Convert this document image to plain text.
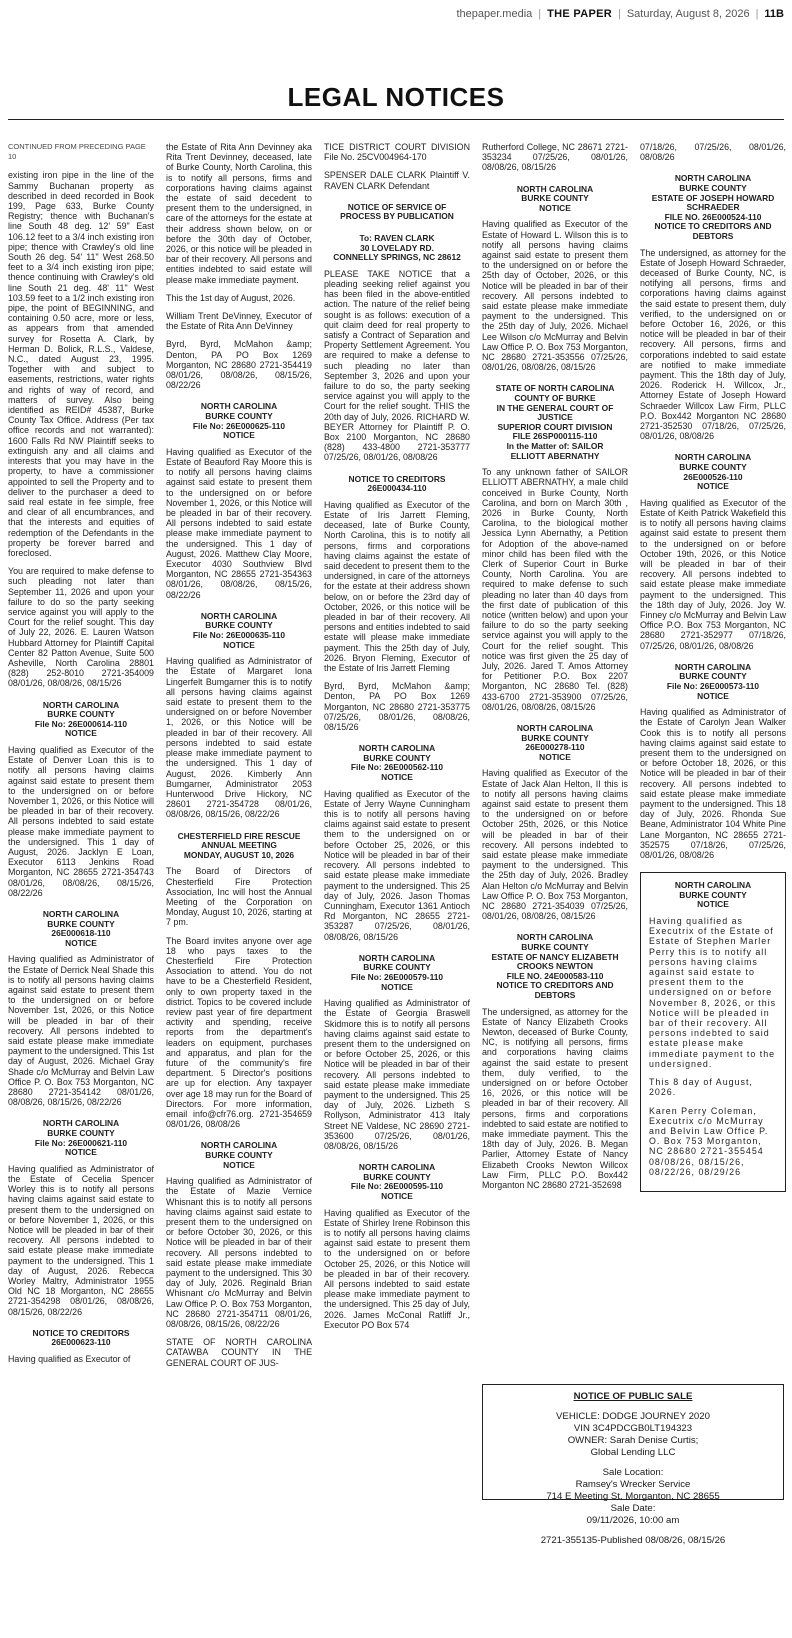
thepaper.media | THE PAPER | Saturday, August 8, 2026 | 11B
LEGAL NOTICES

CONTINUED FROM PRECEDING PAGE 10

existing iron pipe in the line of the Sammy Buchanan property as described in deed recorded in Book 199, Page 633, Burke County Registry; thence with Buchanan's line South 48 deg. 12' 59" East 106.12 feet to a 3/4 inch existing iron pipe; thence with Crawley's old line South 26 deg. 54' 11" West 268.50 feet to a 3/4 inch existing iron pipe; thence continuing with Crawley's old line South 21 deg. 48' 11" West 103.59 feet to a 1/2 inch existing iron pipe, the point of BEGINNING, and containing 0.50 acre, more or less, as appears from that amended survey for Rosetta A. Clark, by Herman D. Bolick, R.L.S., Valdese, N.C., dated August 23, 1995. Together with and subject to easements, restrictions, water rights and rights of way of record, and matters of survey. Also being identified as REID# 45387, Burke County Tax Office. Address (Per tax office records and not warranted): 1600 Falls Rd NW Plaintiff seeks to extinguish any and all claims and interests that you may have in the property, to have a commissioner appointed to sell the Property and to deliver to the purchaser a deed to said real estate in fee simple, free and clear of all encumbrances, and that the interests and equities of redemption of the Defendants in the property be forever barred and foreclosed.

You are required to make defense to such pleading not later than September 11, 2026 and upon your failure to do so the party seeking service against you will apply to the Court for the relief sought. This day of July 22, 2026. E. Lauren Watson Hubbard Attorney for Plaintiff Capital Center 82 Patton Avenue, Suite 500 Asheville, North Carolina 28801 (828) 252-8010 2721-354009 08/01/26, 08/08/26, 08/15/26

NORTH CAROLINA
BURKE COUNTY
File No: 26E000614-110
NOTICE

Having qualified as Executor of the Estate of Denver Loan this is to notify all persons having claims against said estate to present them to the undersigned on or before November 1, 2026, or this Notice will be pleaded in bar of their recovery. All persons indebted to said estate please make immediate payment to the undersigned. This 1 day of August, 2026. Jacklyn E Loan, Executor 6113 Jenkins Road Morganton, NC 28655 2721-354743 08/01/26, 08/08/26, 08/15/26, 08/22/26

NORTH CAROLINA
BURKE COUNTY
26E000618-110
NOTICE

Having qualified as Administrator of the Estate of Derrick Neal Shade this is to notify all persons having claims against said estate to present them to the undersigned on or before November 1st, 2026, or this Notice will be pleaded in bar of their recovery. All persons indebted to said estate please make immediate payment to the undersigned. This 1st day of August, 2026. Michael Gray Shade c/o McMurray and Belvin Law Office P. O. Box 753 Morganton, NC 28680 2721-354142 08/01/26, 08/08/26, 08/15/26, 08/22/26

NORTH CAROLINA
BURKE COUNTY
File No: 26E000621-110
NOTICE

Having qualified as Administrator of the Estate of Cecelia Spencer Worley this is to notify all persons having claims against said estate to present them to the undersigned on or before November 1, 2026, or this Notice will be pleaded in bar of their recovery. All persons indebted to said estate please make immediate payment to the undersigned. This 1 day of August, 2026. Rebecca Worley Maltry, Administrator 1955 Old NC 18 Morganton, NC 28655 2721-354298 08/01/26, 08/08/26, 08/15/26, 08/22/26

NOTICE TO CREDITORS
26E000623-110

Having qualified as Executor of

the Estate of Rita Ann Devinney aka Rita Trent Devinney, deceased, late of Burke County, North Carolina, this is to notify all persons, firms and corporations having claims against the estate of said decedent to present them to the undersigned, in care of the attorneys for the estate at their address shown below, on or before the 30th day of October, 2026, or this notice will be pleaded in bar of their recovery. All persons and entities indebted to said estate will please make immediate payment.

This the 1st day of August, 2026.

William Trent DeVinney, Executor of the Estate of Rita Ann DeVinney

Byrd, Byrd, McMahon &amp; Denton, PA PO Box 1269 Morganton, NC 28680 2721-354419 08/01/26, 08/08/26, 08/15/26, 08/22/26

NORTH CAROLINA
BURKE COUNTY
File No: 26E000625-110
NOTICE

Having qualified as Executor of the Estate of Beauford Ray Moore this is to notify all persons having claims against said estate to present them to the undersigned on or before November 1, 2026, or this Notice will be pleaded in bar of their recovery. All persons indebted to said estate please make immediate payment to the undersigned. This 1 day of August, 2026. Matthew Clay Moore, Executor 4030 Southview Blvd Morganton, NC 28655 2721-354363 08/01/26, 08/08/26, 08/15/26, 08/22/26

NORTH CAROLINA
BURKE COUNTY
File No: 26E000635-110
NOTICE

Having qualified as Administrator of the Estate of Margaret Iona Lingerfelt Bumgarner this is to notify all persons having claims against said estate to present them to the undersigned on or before November 1, 2026, or this Notice will be pleaded in bar of their recovery. All persons indebted to said estate please make immediate payment to the undersigned. This 1 day of August, 2026. Kimberly Ann Bumgarner, Administrator 2053 Hunterwood Drive Hickory, NC 28601 2721-354728 08/01/26, 08/08/26, 08/15/26, 08/22/26

CHESTERFIELD FIRE RESCUE
ANNUAL MEETING
MONDAY, AUGUST 10, 2026

The Board of Directors of Chesterfield Fire Protection Association, Inc will host the Annual Meeting of the Corporation on Monday, August 10, 2026, starting at 7 pm.

The Board invites anyone over age 18 who pays taxes to the Chesterfield Fire Protection Association to attend. You do not have to be a Chesterfield Resident, only to own property taxed in the district. Topics to be covered include review past year of fire department activity and spending, receive reports from the department's leaders on equipment, purchases and apparatus, and plan for the future of the community's fire department. 5 Director's positions are up for election. Any taxpayer over age 18 may run for the Board of Directors. For more information, email info@cfr76.org. 2721-354659 08/01/26, 08/08/26

NORTH CAROLINA
BURKE COUNTY
NOTICE

Having qualified as Administrator of the Estate of Mazie Vernice Whisnant this is to notify all persons having claims against said estate to present them to the undersigned on or before October 30, 2026, or this Notice will be pleaded in bar of their recovery. All persons indebted to said estate please make immediate payment to the undersigned. This 30 day of July, 2026. Reginald Brian Whisnant c/o McMurray and Belvin Law Office P. O. Box 753 Morganton, NC 28680 2721-354711 08/01/26, 08/08/26, 08/15/26, 08/22/26

STATE OF NORTH CAROLINA CATAWBA COUNTY IN THE GENERAL COURT OF JUS-

TICE DISTRICT COURT DIVISION File No. 25CV004964-170

SPENSER DALE CLARK Plaintiff V. RAVEN CLARK Defendant

NOTICE OF SERVICE OF
PROCESS BY PUBLICATION
To: RAVEN CLARK
30 LOVELADY RD.
CONNELLY SPRINGS, NC 28612

PLEASE TAKE NOTICE that a pleading seeking relief against you has been filed in the above-entitled action. The nature of the relief being sought is as follows: execution of a quit claim deed for real property to satisfy a Contract of Separation and Property Settlement Agreement. You are required to make a defense to such pleading no later than September 3, 2026 and upon your failure to do so, the party seeking service against you will apply to the Court for the relief sought. THIS the 20th day of July, 2026. RICHARD W. BEYER Attorney for Plaintiff P. O. Box 2100 Morganton, NC 28680 (828) 433-4800 2721-353777 07/25/26, 08/01/26, 08/08/26

NOTICE TO CREDITORS
26E000434-110

Having qualified as Executor of the Estate of Iris Jarrett Fleming, deceased, late of Burke County, North Carolina, this is to notify all persons, firms and corporations having claims against the estate of said decedent to present them to the undersigned, in care of the attorneys for the estate at their address shown below, on or before the 23rd day of October, 2026, or this notice will be pleaded in bar of their recovery. All persons and entities indebted to said estate will please make immediate payment. This the 25th day of July, 2026. Bryon Fleming, Executor of the Estate of Iris Jarrett Fleming

Byrd, Byrd, McMahon &amp; Denton, PA PO Box 1269 Morganton, NC 28680 2721-353775 07/25/26, 08/01/26, 08/08/26, 08/15/26

NORTH CAROLINA
BURKE COUNTY
File No: 26E000562-110
NOTICE

Having qualified as Executor of the Estate of Jerry Wayne Cunningham this is to notify all persons having claims against said estate to present them to the undersigned on or before October 25, 2026, or this Notice will be pleaded in bar of their recovery. All persons indebted to said estate please make immediate payment to the undersigned. This 25 day of July, 2026. Jason Thomas Cunningham, Executor 1361 Antioch Rd Morganton, NC 28655 2721-353287 07/25/26, 08/01/26, 08/08/26, 08/15/26

NORTH CAROLINA
BURKE COUNTY
File No: 26E000579-110
NOTICE

Having qualified as Administrator of the Estate of Georgia Braswell Skidmore this is to notify all persons having claims against said estate to present them to the undersigned on or before October 25, 2026, or this Notice will be pleaded in bar of their recovery. All persons indebted to said estate please make immediate payment to the undersigned. This 25 day of July, 2026. Lizbeth S Rollyson, Administrator 413 Italy Street NE Valdese, NC 28690 2721-353600 07/25/26, 08/01/26, 08/08/26, 08/15/26

NORTH CAROLINA
BURKE COUNTY
File No: 26E000595-110
NOTICE

Having qualified as Executor of the Estate of Shirley Irene Robinson this is to notify all persons having claims against said estate to present them to the undersigned on or before October 25, 2026, or this Notice will be pleaded in bar of their recovery. All persons indebted to said estate please make immediate payment to the undersigned. This 25 day of July, 2026. James McConal Ratliff Jr., Executor PO Box 574

Rutherford College, NC 28671 2721-353234 07/25/26, 08/01/26, 08/08/26, 08/15/26

NORTH CAROLINA
BURKE COUNTY
NOTICE

Having qualified as Executor of the Estate of Howard L. Wilson this is to notify all persons having claims against said estate to present them to the undersigned on or before the 25th day of October, 2026, or this Notice will be pleaded in bar of their recovery. All persons indebted to said estate please make immediate payment to the undersigned. This the 25th day of July, 2026. Michael Lee Wilson c/o McMurray and Belvin Law Office P. O. Box 753 Morganton, NC 28680 2721-353556 07/25/26, 08/01/26, 08/08/26, 08/15/26

STATE OF NORTH CAROLINA
COUNTY OF BURKE
IN THE GENERAL COURT OF
JUSTICE
SUPERIOR COURT DIVISION
FILE 26SP000115-110
In the Matter of: SAILOR
ELLIOTT ABERNATHY

To any unknown father of SAILOR ELLIOTT ABERNATHY, a male child conceived in Burke County, North Carolina, and born on March 30th , 2026 in Burke County, North Carolina, to the biological mother Jessica Lynn Abernathy, a Petition for Adoption of the above-named minor child has been filed with the Clerk of Superior Court in Burke County, North Carolina. You are required to make defense to such pleading no later than 40 days from the first date of publication of this notice (written below) and upon your failure to do so the party seeking service against you will apply to the Court for the relief sought. This notice was first given the 25 day of July, 2026. Jared T. Amos Attorney for Petitioner P.O. Box 2207 Morganton, NC 28680 Tel. (828) 433-6700 2721-353900 07/25/26, 08/01/26, 08/08/26, 08/15/26

NORTH CAROLINA
BURKE COUNTY
26E000278-110
NOTICE

Having qualified as Executor of the Estate of Jack Alan Helton, II this is to notify all persons having claims against said estate to present them to the undersigned on or before October 25th, 2026, or this Notice will be pleaded in bar of their recovery. All persons indebted to said estate please make immediate payment to the undersigned. This the 25th day of July, 2026. Bradley Alan Helton c/o McMurray and Belvin Law Office P. O. Box 753 Morganton, NC 28680 2721-354039 07/25/26, 08/01/26, 08/08/26, 08/15/26

NORTH CAROLINA
BURKE COUNTY
ESTATE OF NANCY ELIZABETH
CROOKS NEWTON
FILE NO. 24E000583-110
NOTICE TO CREDITORS AND
DEBTORS

The undersigned, as attorney for the Estate of Nancy Elizabeth Crooks Newton, deceased of Burke County, NC, is notifying all persons, firms and corporations having claims against the said estate to present them, duly verified, to the undersigned on or before October 16, 2026, or this notice will be pleaded in bar of their recovery. All persons, firms and corporations indebted to said estate are notified to make immediate payment. This the 18th day of July, 2026. B. Megan Parlier, Attorney Estate of Nancy Elizabeth Crooks Newton Willcox Law Firm, PLLC P.O. Box442 Morganton NC 28680 2721-352698

07/18/26, 07/25/26, 08/01/26, 08/08/26

NORTH CAROLINA
BURKE COUNTY
ESTATE OF JOSEPH HOWARD
SCHRAEDER
FILE NO. 26E000524-110
NOTICE TO CREDITORS AND
DEBTORS

The undersigned, as attorney for the Estate of Joseph Howard Schraeder, deceased of Burke County, NC, is notifying all persons, firms and corporations having claims against the said estate to present them, duly verified, to the undersigned on or before October 16, 2026, or this notice will be pleaded in bar of their recovery. All persons, firms and corporations indebted to said estate are notified to make immediate payment. This the 18th day of July, 2026. Roderick H. Willcox, Jr., Attorney Estate of Joseph Howard Schraeder Willcox Law Firm, PLLC P.O. Box442 Morganton NC 28680 2721-352530 07/18/26, 07/25/26, 08/01/26, 08/08/26

NORTH CAROLINA
BURKE COUNTY
26E000526-110
NOTICE

Having qualified as Executor of the Estate of Keith Patrick Wakefield this is to notify all persons having claims against said estate to present them to the undersigned on or before October 19th, 2026, or this Notice will be pleaded in bar of their recovery. All persons indebted to said estate please make immediate payment to the undersigned. This the 18th day of July, 2026. Joy W. Finney c/o McMurray and Belvin Law Office P.O. Box 753 Morganton, NC 28680 2721-352977 07/18/26, 07/25/26, 08/01/26, 08/08/26

NORTH CAROLINA
BURKE COUNTY
File No: 26E000573-110
NOTICE

Having qualified as Administrator of the Estate of Carolyn Jean Walker Cook this is to notify all persons having claims against said estate to present them to the undersigned on or before October 18, 2026, or this Notice will be pleaded in bar of their recovery. All persons indebted to said estate please make immediate payment to the undersigned. This 18 day of July, 2026. Rhonda Sue Beane, Administrator 104 White Pine Lane Morganton, NC 28655 2721-352575 07/18/26, 07/25/26, 08/01/26, 08/08/26

NORTH CAROLINA
BURKE COUNTY
NOTICE

Having qualified as Executrix of the Estate of Estate of Stephen Marler Perry this is to notify all persons having claims against said estate to present them to the undersigned on or before November 8, 2026, or this Notice will be pleaded in bar of their recovery. All persons indebted to said estate please make immediate payment to the undersigned.

This 8 day of August, 2026.

Karen Perry Coleman, Executrix c/o McMurray and Belvin Law Office P. O. Box 753 Morganton, NC 28680 2721-355454 08/08/26, 08/15/26, 08/22/26, 08/29/26

NOTICE OF PUBLIC SALE
VEHICLE: DODGE JOURNEY 2020
VIN 3C4PDCGB0LT194323
OWNER: Sarah Denise Curtis;
Global Lending LLC
Sale Location:
Ramsey's Wrecker Service
714 E Meeting St, Morganton, NC 28655
Sale Date:
09/11/2026, 10:00 am
2721-355135-Published 08/08/26, 08/15/26
